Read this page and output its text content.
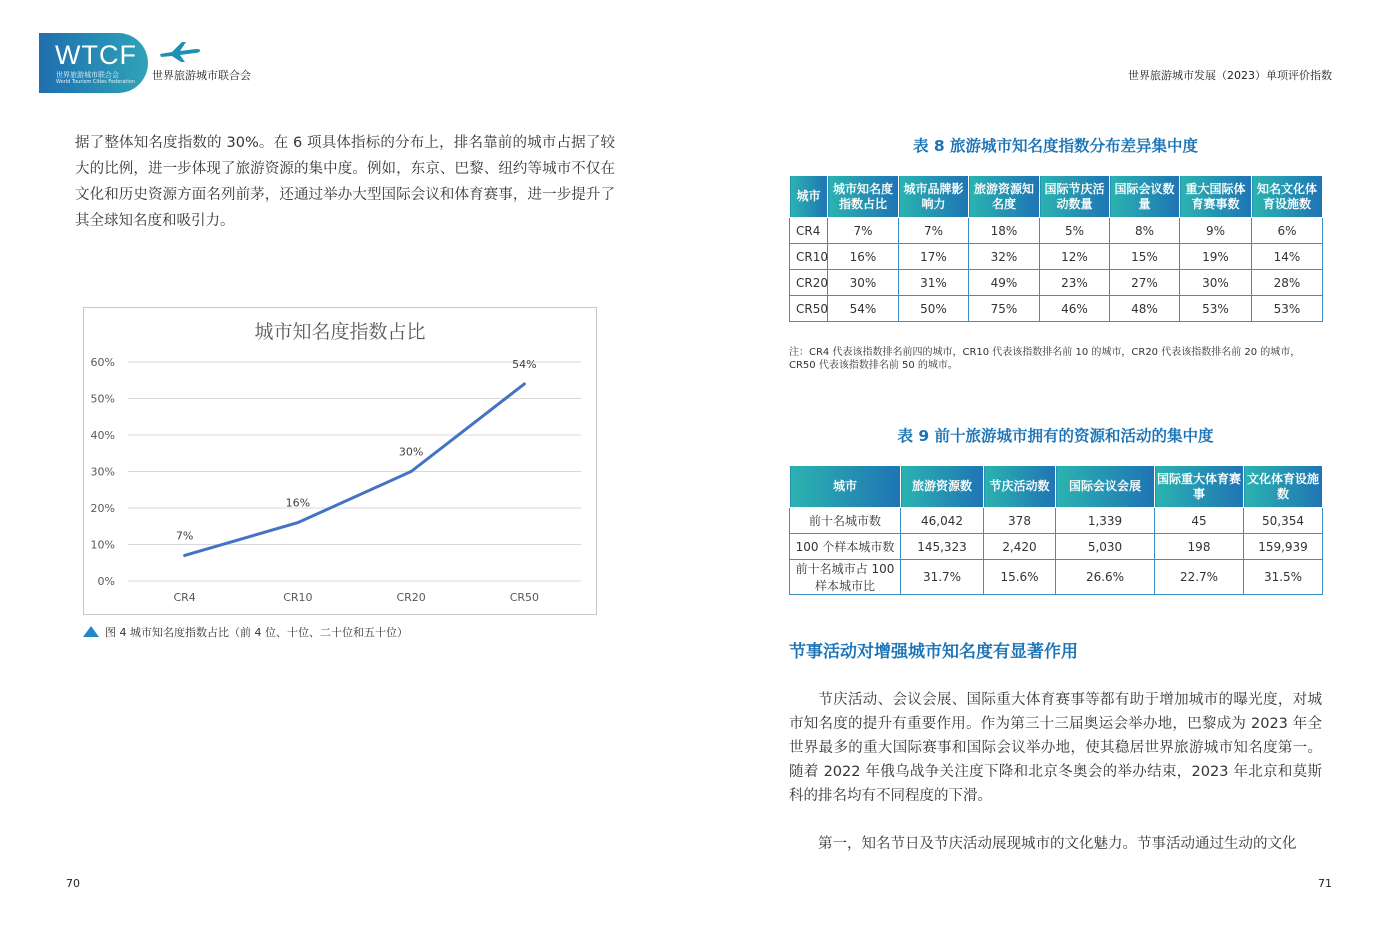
WTCF
世界旅游城市联合会
World Tourism Cities Federation 世界旅游城市联合会	世界旅游城市发展（2023）单项评价指数
据了整体知名度指数的 30%。在 6 项具体指标的分布上，排名靠前的城市占据了较大的比例，进一步体现了旅游资源的集中度。例如，东京、巴黎、纽约等城市不仅在文化和历史资源方面名列前茅，还通过举办大型国际会议和体育赛事，进一步提升了其全球知名度和吸引力。
城市知名度指数占比
0%
10%
20%
30%
40%
50%
60%
CR4	CR10	CR20	CR50
7%
16%
30%
54%
图 4 城市知名度指数占比（前 4 位、十位、二十位和五十位）
表 8 旅游城市知名度指数分布差异集中度
城市	城市知名度指数占比	城市品牌影响力	旅游资源知名度	国际节庆活动数量	国际会议数量	重大国际体育赛事数	知名文化体育设施数
CR4	7%	7%	18%	5%	8%	9%	6%
CR10	16%	17%	32%	12%	15%	19%	14%
CR20	30%	31%	49%	23%	27%	30%	28%
CR50	54%	50%	75%	46%	48%	53%	53%
注：CR4 代表该指数排名前四的城市，CR10 代表该指数排名前 10 的城市，CR20 代表该指数排名前 20 的城市，CR50 代表该指数排名前 50 的城市。
表 9 前十旅游城市拥有的资源和活动的集中度
城市	旅游资源数	节庆活动数	国际会议会展	国际重大体育赛事	文化体育设施数
前十名城市数	46,042	378	1,339	45	50,354
100 个样本城市数	145,323	2,420	5,030	198	159,939
前十名城市占 100 样本城市比	31.7%	15.6%	26.6%	22.7%	31.5%
节事活动对增强城市知名度有显著作用
节庆活动、会议会展、国际重大体育赛事等都有助于增加城市的曝光度，对城市知名度的提升有重要作用。作为第三十三届奥运会举办地，巴黎成为 2023 年全世界最多的重大国际赛事和国际会议举办地，使其稳居世界旅游城市知名度第一。随着 2022 年俄乌战争关注度下降和北京冬奥会的举办结束，2023 年北京和莫斯科的排名均有不同程度的下滑。
第一，知名节日及节庆活动展现城市的文化魅力。节事活动通过生动的文化
70	71
